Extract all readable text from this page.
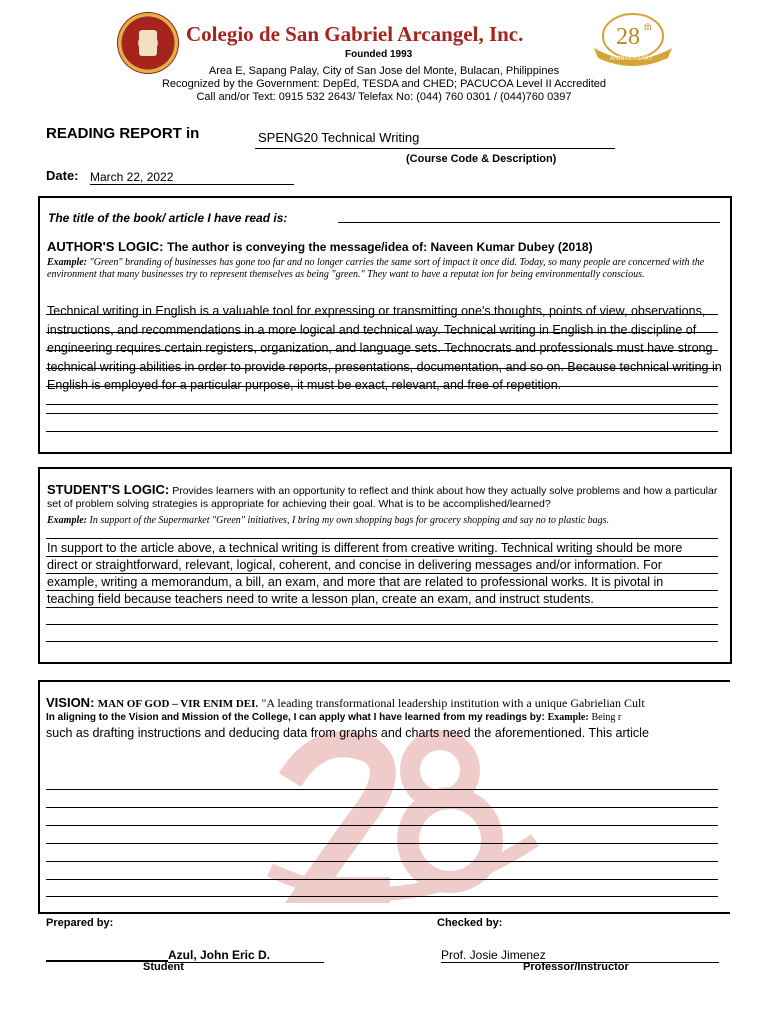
Colegio de San Gabriel Arcangel, Inc.
Founded 1993
28 th
ANNIVERSARY
Area E, Sapang Palay, City of San Jose del Monte, Bulacan, Philippines
Recognized by the Government: DepEd, TESDA and CHED; PACUCOA Level II Accredited
Call and/or Text: 0915 532 2643/ Telefax No: (044) 760 0301 / (044)760 0397
READING REPORT in	SPENG20 Technical Writing
(Course Code & Description)
Date: March 22, 2022
The title of the book/ article I have read is:
AUTHOR'S LOGIC: The author is conveying the message/idea of: Naveen Kumar Dubey (2018)
Example: "Green" branding of businesses has gone too far and no longer carries the same sort of impact it once did. Today, so many people are concerned with the environment that many businesses try to represent themselves as being "green." They want to have a reputat ion for being environmentally conscious.
Technical writing in English is a valuable tool for expressing or transmitting one's thoughts, points of view, observations, instructions, and recommendations in a more logical and technical way. Technical writing in English in the discipline of engineering requires certain registers, organization, and language sets. Technocrats and professionals must have strong technical writing abilities in order to provide reports, presentations, documentation, and so on. Because technical writing in English is employed for a particular purpose, it must be exact, relevant, and free of repetition.
STUDENT'S LOGIC: Provides learners with an opportunity to reflect and think about how they actually solve problems and how a particular set of problem solving strategies is appropriate for achieving their goal. What is to be accomplished/learned?
Example: In support of the Supermarket "Green" initiatives, I bring my own shopping bags for grocery shopping and say no to plastic bags.
In support to the article above, a technical writing is different from creative writing. Technical writing should be more direct or straightforward, relevant, logical, coherent, and concise in delivering messages and/or information. For example, writing a memorandum, a bill, an exam, and more that are related to professional works. It is pivotal in teaching field because teachers need to write a lesson plan, create an exam, and instruct students.
VISION: MAN OF GOD – VIR ENIM DEI. "A leading transformational leadership institution with a unique Gabrielian Cult
In aligning to the Vision and Mission of the College, I can apply what I have learned from my readings by: Example: Being r
such as drafting instructions and deducing data from graphs and charts need the aforementioned. This article
Prepared by:	Checked by:
Azul, John Eric D.
Student
Prof. Josie Jimenez
Professor/Instructor
